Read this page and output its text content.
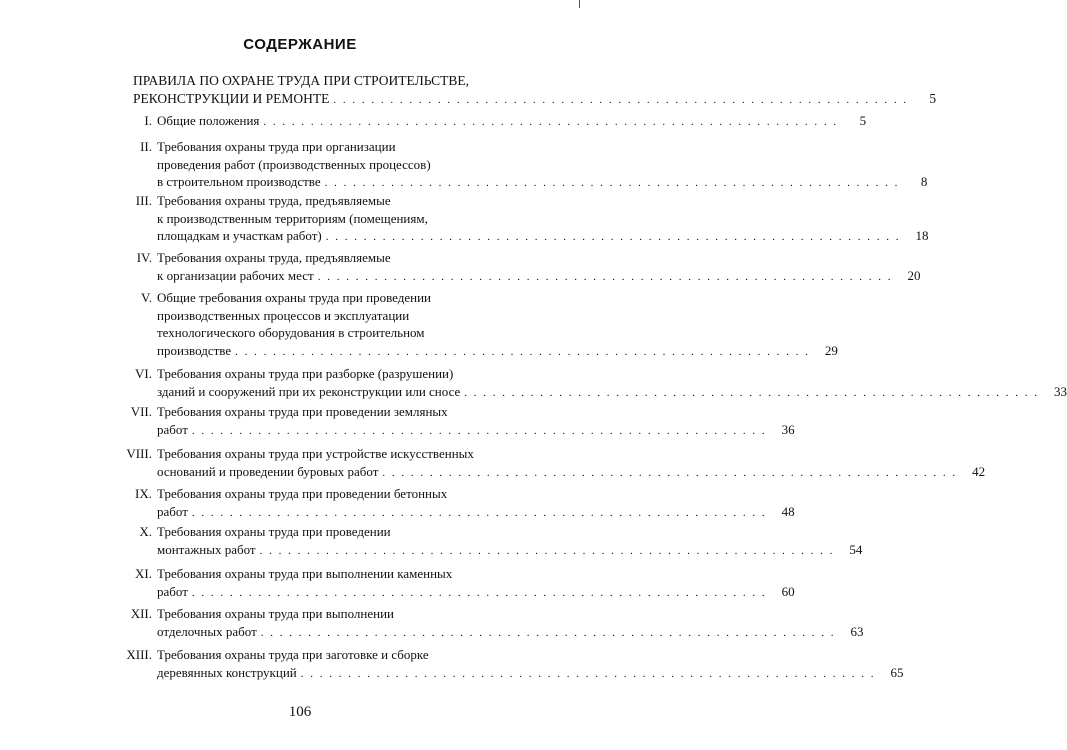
СОДЕРЖАНИЕ
ПРАВИЛА ПО ОХРАНЕ ТРУДА ПРИ СТРОИТЕЛЬСТВЕ,
РЕКОНСТРУКЦИИ И РЕМОНТЕ . . . . . . . . . . . . . . . . . . . . . . . . . . . . . . . . . . . . . . . . . . . . . . . . . . . . . . . . . . . . .	5
I. Общие положения . . . . . . . . . . . . . . . . . . . . . . . . . . . . . . . . . . . . . . . . . . . . . . . . . . . . . . . . . . . . .	5
II. Требования охраны труда при организации
проведения работ (производственных процессов)
в строительном производстве . . . . . . . . . . . . . . . . . . . . . . . . . . . . . . . . . . . . . . . . . . . . . . . . . . . . . . . . . . . . .	8
III. Требования охраны труда, предъявляемые
к производственным территориям (помещениям,
площадкам и участкам работ) . . . . . . . . . . . . . . . . . . . . . . . . . . . . . . . . . . . . . . . . . . . . . . . . . . . . . . . . . . . . .	18
IV. Требования охраны труда, предъявляемые
к организации рабочих мест . . . . . . . . . . . . . . . . . . . . . . . . . . . . . . . . . . . . . . . . . . . . . . . . . . . . . . . . . . . . .	20
V. Общие требования охраны труда при проведении
производственных процессов и эксплуатации
технологического оборудования в строительном
производстве . . . . . . . . . . . . . . . . . . . . . . . . . . . . . . . . . . . . . . . . . . . . . . . . . . . . . . . . . . . . .	29
VI. Требования охраны труда при разборке (разрушении)
зданий и сооружений при их реконструкции или сносе . . . . . . . . . . . . . . . . . . . . . . . . . . . . . . . . . . . . . . . . . . . . . . . . . . . . . . . . . . . . .	33
VII. Требования охраны труда при проведении земляных
работ . . . . . . . . . . . . . . . . . . . . . . . . . . . . . . . . . . . . . . . . . . . . . . . . . . . . . . . . . . . . .	36
VIII. Требования охраны труда при устройстве искусственных
оснований и проведении буровых работ . . . . . . . . . . . . . . . . . . . . . . . . . . . . . . . . . . . . . . . . . . . . . . . . . . . . . . . . . . . . .	42
IX. Требования охраны труда при проведении бетонных
работ . . . . . . . . . . . . . . . . . . . . . . . . . . . . . . . . . . . . . . . . . . . . . . . . . . . . . . . . . . . . .	48
X. Требования охраны труда при проведении
монтажных работ . . . . . . . . . . . . . . . . . . . . . . . . . . . . . . . . . . . . . . . . . . . . . . . . . . . . . . . . . . . . .	54
XI. Требования охраны труда при выполнении каменных
работ . . . . . . . . . . . . . . . . . . . . . . . . . . . . . . . . . . . . . . . . . . . . . . . . . . . . . . . . . . . . .	60
XII. Требования охраны труда при выполнении
отделочных работ . . . . . . . . . . . . . . . . . . . . . . . . . . . . . . . . . . . . . . . . . . . . . . . . . . . . . . . . . . . . .	63
XIII. Требования охраны труда при заготовке и сборке
деревянных конструкций . . . . . . . . . . . . . . . . . . . . . . . . . . . . . . . . . . . . . . . . . . . . . . . . . . . . . . . . . . . . .	65
106
